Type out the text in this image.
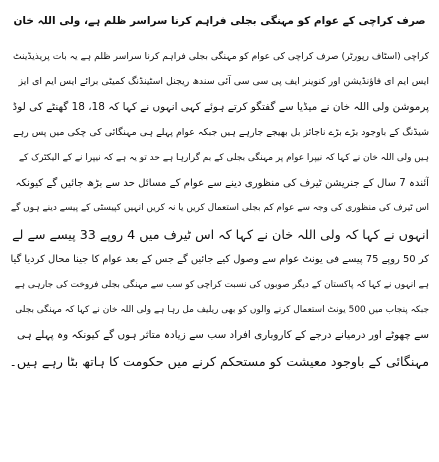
صرف کراچی کے عوام کو مہنگی بجلی فراہم کرنا سراسر ظلم ہے، ولی اللہ خان
کراچی (اسٹاف رپورٹر) صرف کراچی کی عوام کو مہنگی بجلی فراہم کرنا سراسر ظلم ہے یہ بات پریذیڈینٹ
ایس ایم ای فاؤنڈیشن اور کنوینر ایف پی سی سی آئی سندھ ریجنل اسٹینڈنگ کمیٹی برائے ایس ایم ای ایز
پرموشن ولی اللہ خان نے میڈیا سے گفتگو کرتے ہوئے کہی انہوں نے کہا کہ 18، 18 گھنٹے کی لوڈ
شیڈنگ کے باوجود بڑے بڑے ناجائز بل بھیجے جارہے ہیں جبکہ عوام پہلے ہی مہنگائی کی چکی میں پس رہے
ہیں ولی اللہ خان نے کہا کہ نیپرا عوام پر مہنگی بجلی کے بم گرارہا ہے حد تو یہ ہے کہ نیپرا نے کے الیکٹرک کے
آئندہ 7 سال کے جنریشن ٹیرف کی منظوری دینے سے عوام کے مسائل حد سے بڑھ جائیں گے کیونکہ
اس ٹیرف کی منظوری کی وجہ سے عوام کم بجلی استعمال کریں یا نہ کریں انہیں کپیسٹی کے پیسے دینے ہوں گے
انہوں نے کہا کہ ولی اللہ خان نے کہا کہ اس ٹیرف میں 4 روپے 33 پیسے سے لے
کر 50 روپے 75 پیسے فی یونٹ عوام سے وصول کیے جائیں گے جس کے بعد عوام کا جینا محال کردیا گیا
ہے انہوں نے کہا کہ پاکستان کے دیگر صوبوں کی نسبت کراچی کو سب سے مہنگی بجلی فروخت کی جارہی ہے
جبکہ پنجاب میں 500 یونٹ استعمال کرنے والوں کو بھی ریلیف مل رہا ہے ولی اللہ خان نے کہا کہ مہنگی بجلی
سے چھوٹے اور درمیانے درجے کے کاروباری افراد سب سے زیادہ متاثر ہوں گے کیونکہ وہ پہلے ہی
مہنگائی کے باوجود معیشت کو مستحکم کرنے میں حکومت کا ہاتھ بٹا رہے ہیں۔
